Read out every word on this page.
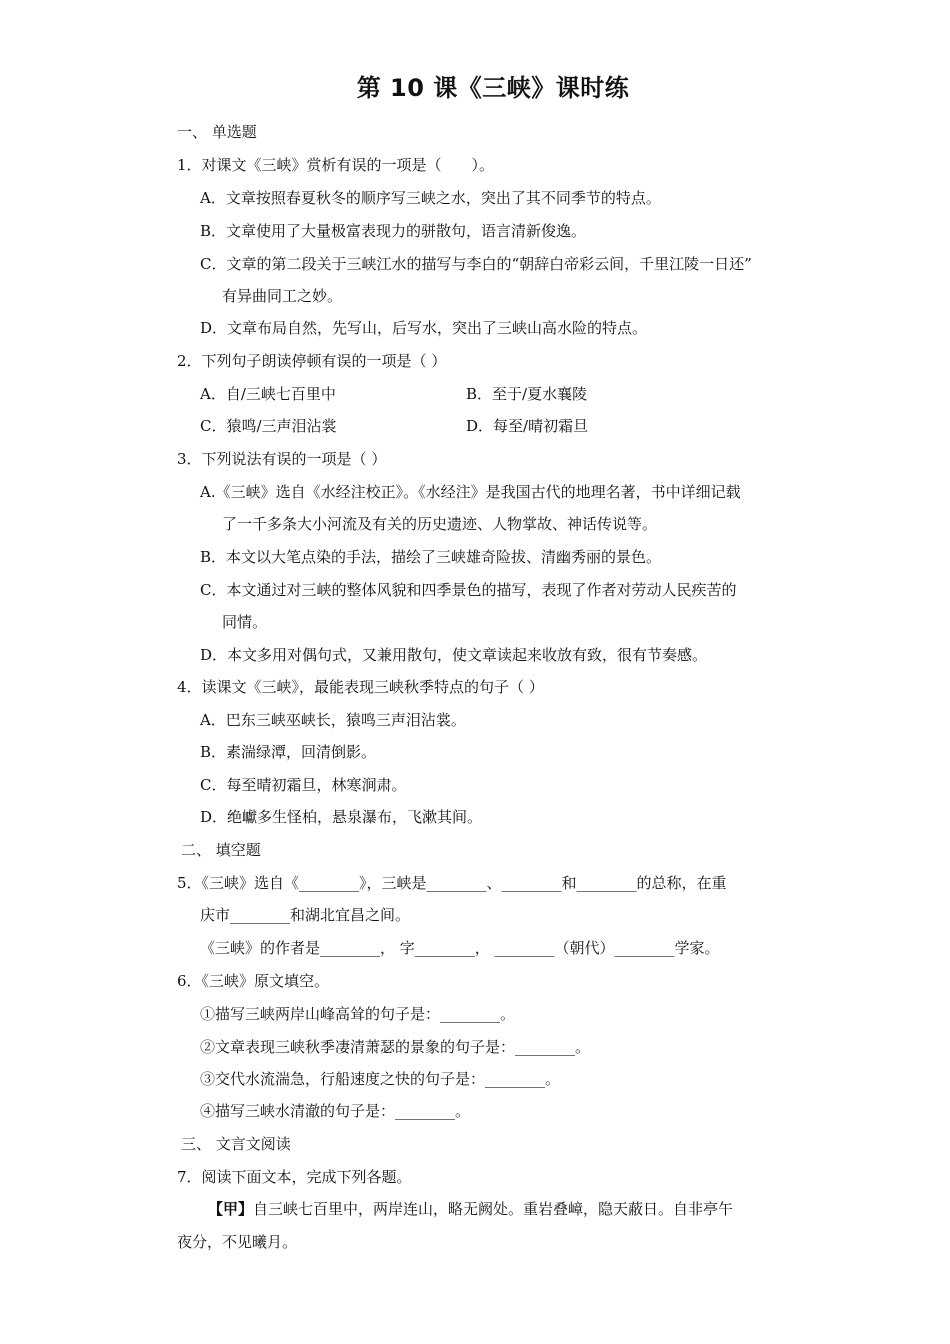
第 10 课《三峡》课时练
一、 单选题
1．对课文《三峡》赏析有误的一项是（　　）。
A．文章按照春夏秋冬的顺序写三峡之水，突出了其不同季节的特点。
B．文章使用了大量极富表现力的骈散句，语言清新俊逸。
C．文章的第二段关于三峡江水的描写与李白的“朝辞白帝彩云间，千里江陵一日还”
有异曲同工之妙。
D．文章布局自然，先写山，后写水，突出了三峡山高水险的特点。
2．下列句子朗读停顿有误的一项是（ ）
A．自/三峡七百里中	B．至于/夏水襄陵
C．猿鸣/三声泪沾裳	D．每至/晴初霜旦
3．下列说法有误的一项是（ ）
A.《三峡》选自《水经注校正》。《水经注》是我国古代的地理名著，书中详细记载
了一千多条大小河流及有关的历史遗迹、人物掌故、神话传说等。
B．本文以大笔点染的手法，描绘了三峡雄奇险拔、清幽秀丽的景色。
C．本文通过对三峡的整体风貌和四季景色的描写，表现了作者对劳动人民疾苦的
同情。
D．本文多用对偶句式，又兼用散句，使文章读起来收放有致，很有节奏感。
4．读课文《三峡》，最能表现三峡秋季特点的句子（ ）
A．巴东三峡巫峡长，猿鸣三声泪沾裳。
B．素湍绿潭，回清倒影。
C．每至晴初霜旦，林寒涧肃。
D．绝巘多生怪柏，悬泉瀑布，飞漱其间。
二、 填空题
5．《三峡》选自《________》，三峡是________、________和________的总称，在重
庆市________和湖北宜昌之间。
《三峡》的作者是________， 字________， ________（朝代）________学家。
6．《三峡》原文填空。
①描写三峡两岸山峰高耸的句子是：________。
②文章表现三峡秋季凄清萧瑟的景象的句子是：________。
③交代水流湍急，行船速度之快的句子是：________。
④描写三峡水清澈的句子是：________。
三、 文言文阅读
7．阅读下面文本，完成下列各题。
【甲】自三峡七百里中，两岸连山，略无阙处。重岩叠嶂，隐天蔽日。自非亭午
夜分，不见曦月。
